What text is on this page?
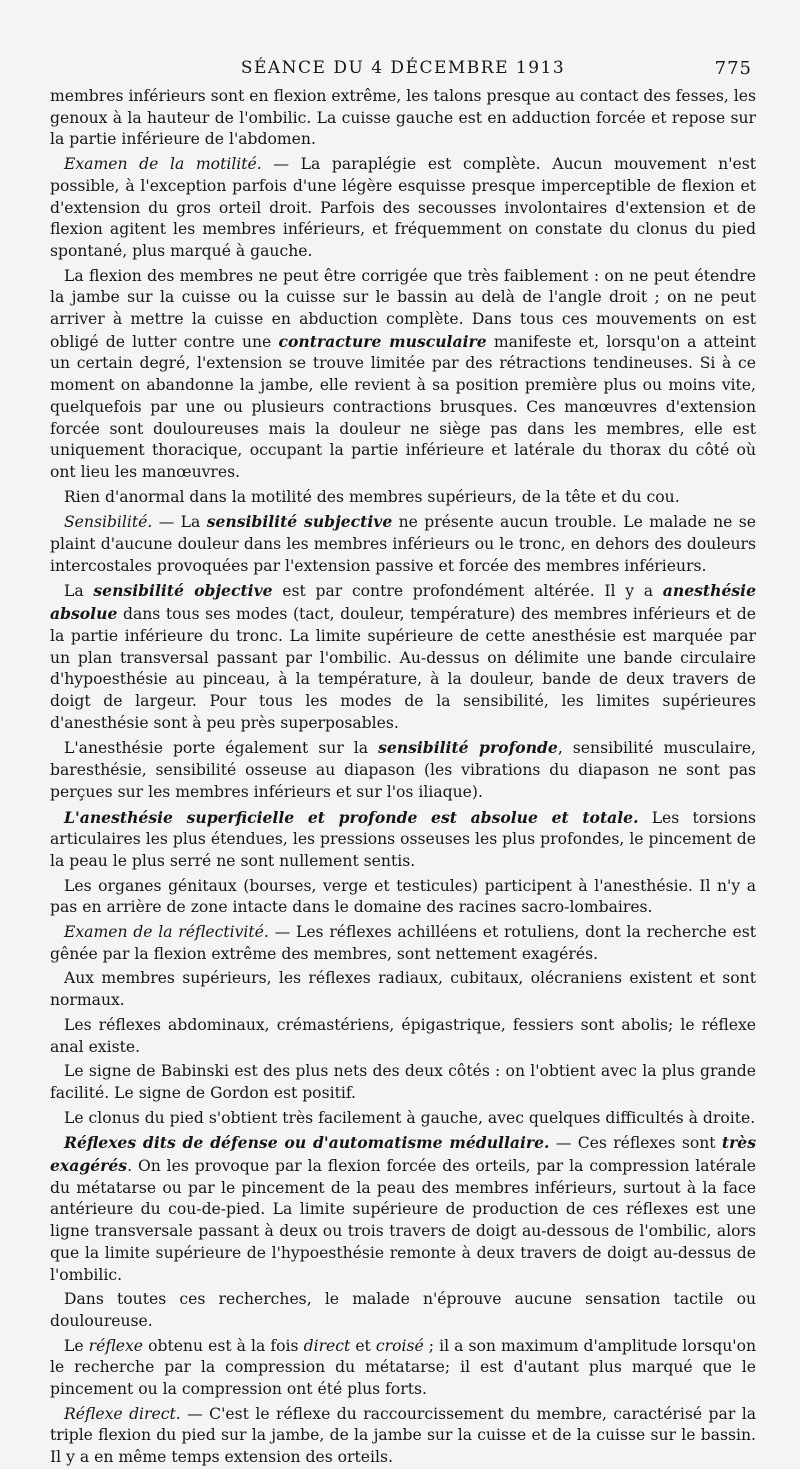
SÉANCE DU 4 DÉCEMBRE 1913	775

membres inférieurs sont en flexion extrême, les talons presque au contact des fesses, les genoux à la hauteur de l'ombilic. La cuisse gauche est en adduction forcée et repose sur la partie inférieure de l'abdomen.

Examen de la motilité. — La paraplégie est complète. Aucun mouvement n'est possible, à l'exception parfois d'une légère esquisse presque imperceptible de flexion et d'extension du gros orteil droit. Parfois des secousses involontaires d'extension et de flexion agitent les membres inférieurs, et fréquemment on constate du clonus du pied spontané, plus marqué à gauche.

La flexion des membres ne peut être corrigée que très faiblement : on ne peut étendre la jambe sur la cuisse ou la cuisse sur le bassin au delà de l'angle droit ; on ne peut arriver à mettre la cuisse en abduction complète. Dans tous ces mouvements on est obligé de lutter contre une contracture musculaire manifeste et, lorsqu'on a atteint un certain degré, l'extension se trouve limitée par des rétractions tendineuses. Si à ce moment on abandonne la jambe, elle revient à sa position première plus ou moins vite, quelquefois par une ou plusieurs contractions brusques. Ces manœuvres d'extension forcée sont douloureuses mais la douleur ne siège pas dans les membres, elle est uniquement thoracique, occupant la partie inférieure et latérale du thorax du côté où ont lieu les manœuvres.

Rien d'anormal dans la motilité des membres supérieurs, de la tête et du cou.

Sensibilité. — La sensibilité subjective ne présente aucun trouble. Le malade ne se plaint d'aucune douleur dans les membres inférieurs ou le tronc, en dehors des douleurs intercostales provoquées par l'extension passive et forcée des membres inférieurs.

La sensibilité objective est par contre profondément altérée. Il y a anesthésie absolue dans tous ses modes (tact, douleur, température) des membres inférieurs et de la partie inférieure du tronc. La limite supérieure de cette anesthésie est marquée par un plan transversal passant par l'ombilic. Au-dessus on délimite une bande circulaire d'hypoesthésie au pinceau, à la température, à la douleur, bande de deux travers de doigt de largeur. Pour tous les modes de la sensibilité, les limites supérieures d'anesthésie sont à peu près superposables.

L'anesthésie porte également sur la sensibilité profonde, sensibilité musculaire, baresthésie, sensibilité osseuse au diapason (les vibrations du diapason ne sont pas perçues sur les membres inférieurs et sur l'os iliaque).

L'anesthésie superficielle et profonde est absolue et totale. Les torsions articulaires les plus étendues, les pressions osseuses les plus profondes, le pincement de la peau le plus serré ne sont nullement sentis.

Les organes génitaux (bourses, verge et testicules) participent à l'anesthésie. Il n'y a pas en arrière de zone intacte dans le domaine des racines sacro-lombaires.

Examen de la réflectivité. — Les réflexes achilléens et rotuliens, dont la recherche est gênée par la flexion extrême des membres, sont nettement exagérés.

Aux membres supérieurs, les réflexes radiaux, cubitaux, olécraniens existent et sont normaux.

Les réflexes abdominaux, crémastériens, épigastrique, fessiers sont abolis; le réflexe anal existe.

Le signe de Babinski est des plus nets des deux côtés : on l'obtient avec la plus grande facilité. Le signe de Gordon est positif.

Le clonus du pied s'obtient très facilement à gauche, avec quelques difficultés à droite.

Réflexes dits de défense ou d'automatisme médullaire. — Ces réflexes sont très exagérés. On les provoque par la flexion forcée des orteils, par la compression latérale du métatarse ou par le pincement de la peau des membres inférieurs, surtout à la face antérieure du cou-de-pied. La limite supérieure de production de ces réflexes est une ligne transversale passant à deux ou trois travers de doigt au-dessous de l'ombilic, alors que la limite supérieure de l'hypoesthésie remonte à deux travers de doigt au-dessus de l'ombilic.

Dans toutes ces recherches, le malade n'éprouve aucune sensation tactile ou douloureuse.

Le réflexe obtenu est à la fois direct et croisé ; il a son maximum d'amplitude lorsqu'on le recherche par la compression du métatarse; il est d'autant plus marqué que le pincement ou la compression ont été plus forts.

Réflexe direct. — C'est le réflexe du raccourcissement du membre, caractérisé par la triple flexion du pied sur la jambe, de la jambe sur la cuisse et de la cuisse sur le bassin. Il y a en même temps extension des orteils.
